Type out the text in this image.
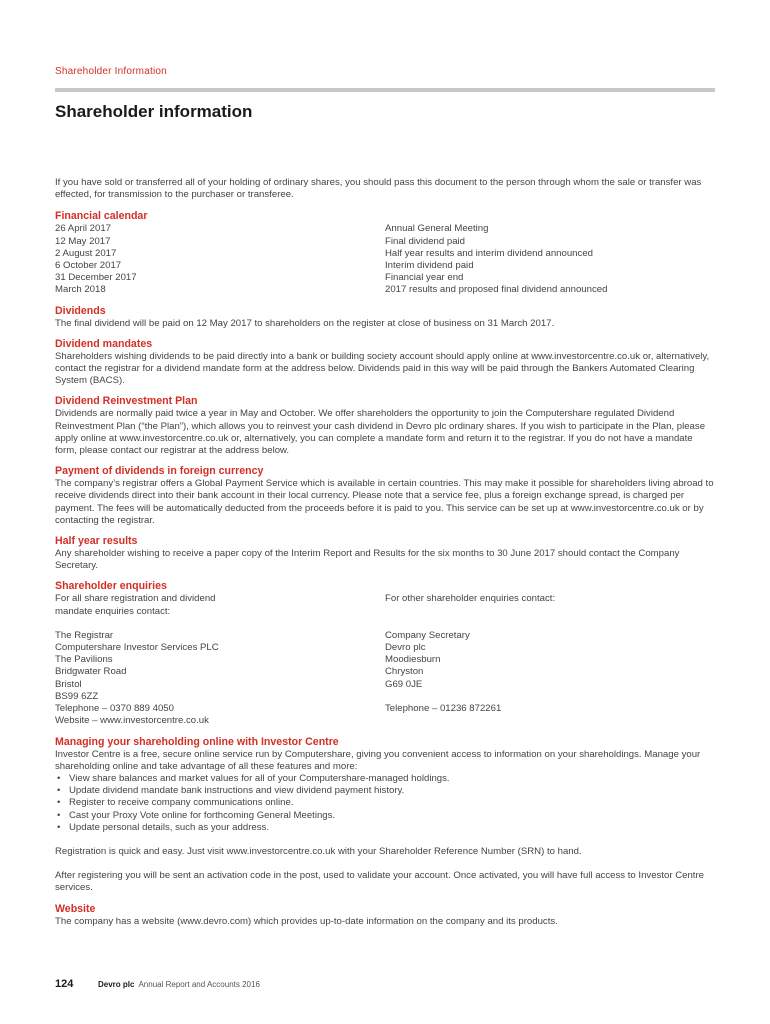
Shareholder Information
Shareholder information

If you have sold or transferred all of your holding of ordinary shares, you should pass this document to the person through whom the sale or transfer was effected, for transmission to the purchaser or transferee.

Financial calendar

26 April 2017	Annual General Meeting
12 May 2017	Final dividend paid
2 August 2017	Half year results and interim dividend announced
6 October 2017	Interim dividend paid
31 December 2017	Financial year end
March 2018	2017 results and proposed final dividend announced

Dividends

The final dividend will be paid on 12 May 2017 to shareholders on the register at close of business on 31 March 2017.

Dividend mandates

Shareholders wishing dividends to be paid directly into a bank or building society account should apply online at www.investorcentre.co.uk or, alternatively, contact the registrar for a dividend mandate form at the address below. Dividends paid in this way will be paid through the Bankers Automated Clearing System (BACS).

Dividend Reinvestment Plan

Dividends are normally paid twice a year in May and October. We offer shareholders the opportunity to join the Computershare regulated Dividend Reinvestment Plan (“the Plan”), which allows you to reinvest your cash dividend in Devro plc ordinary shares. If you wish to participate in the Plan, please apply online at www.investorcentre.co.uk or, alternatively, you can complete a mandate form and return it to the registrar. If you do not have a mandate form, please contact our registrar at the address below.

Payment of dividends in foreign currency

The company’s registrar offers a Global Payment Service which is available in certain countries. This may make it possible for shareholders living abroad to receive dividends direct into their bank account in their local currency. Please note that a service fee, plus a foreign exchange spread, is charged per payment. The fees will be automatically deducted from the proceeds before it is paid to you. This service can be set up at www.investorcentre.co.uk or by contacting the registrar.

Half year results

Any shareholder wishing to receive a paper copy of the Interim Report and Results for the six months to 30 June 2017 should contact the Company Secretary.

Shareholder enquiries

For all share registration and dividend

mandate enquiries contact:

The Registrar

Computershare Investor Services PLC

The Pavilions

Bridgwater Road

Bristol

BS99 6ZZ

Telephone – 0370 889 4050

Website – www.investorcentre.co.uk

For other shareholder enquiries contact:

Company Secretary

Devro plc

Moodiesburn

Chryston

G69 0JE

Telephone – 01236 872261

Managing your shareholding online with Investor Centre

Investor Centre is a free, secure online service run by Computershare, giving you convenient access to information on your shareholdings. Manage your shareholding online and take advantage of all these features and more:

• View share balances and market values for all of your Computershare-managed holdings.
• Update dividend mandate bank instructions and view dividend payment history.
• Register to receive company communications online.
• Cast your Proxy Vote online for forthcoming General Meetings.
• Update personal details, such as your address.

Registration is quick and easy. Just visit www.investorcentre.co.uk with your Shareholder Reference Number (SRN) to hand.

After registering you will be sent an activation code in the post, used to validate your account. Once activated, you will have full access to Investor Centre services.

Website

The company has a website (www.devro.com) which provides up-to-date information on the company and its products.

124	Devro plc Annual Report and Accounts 2016
